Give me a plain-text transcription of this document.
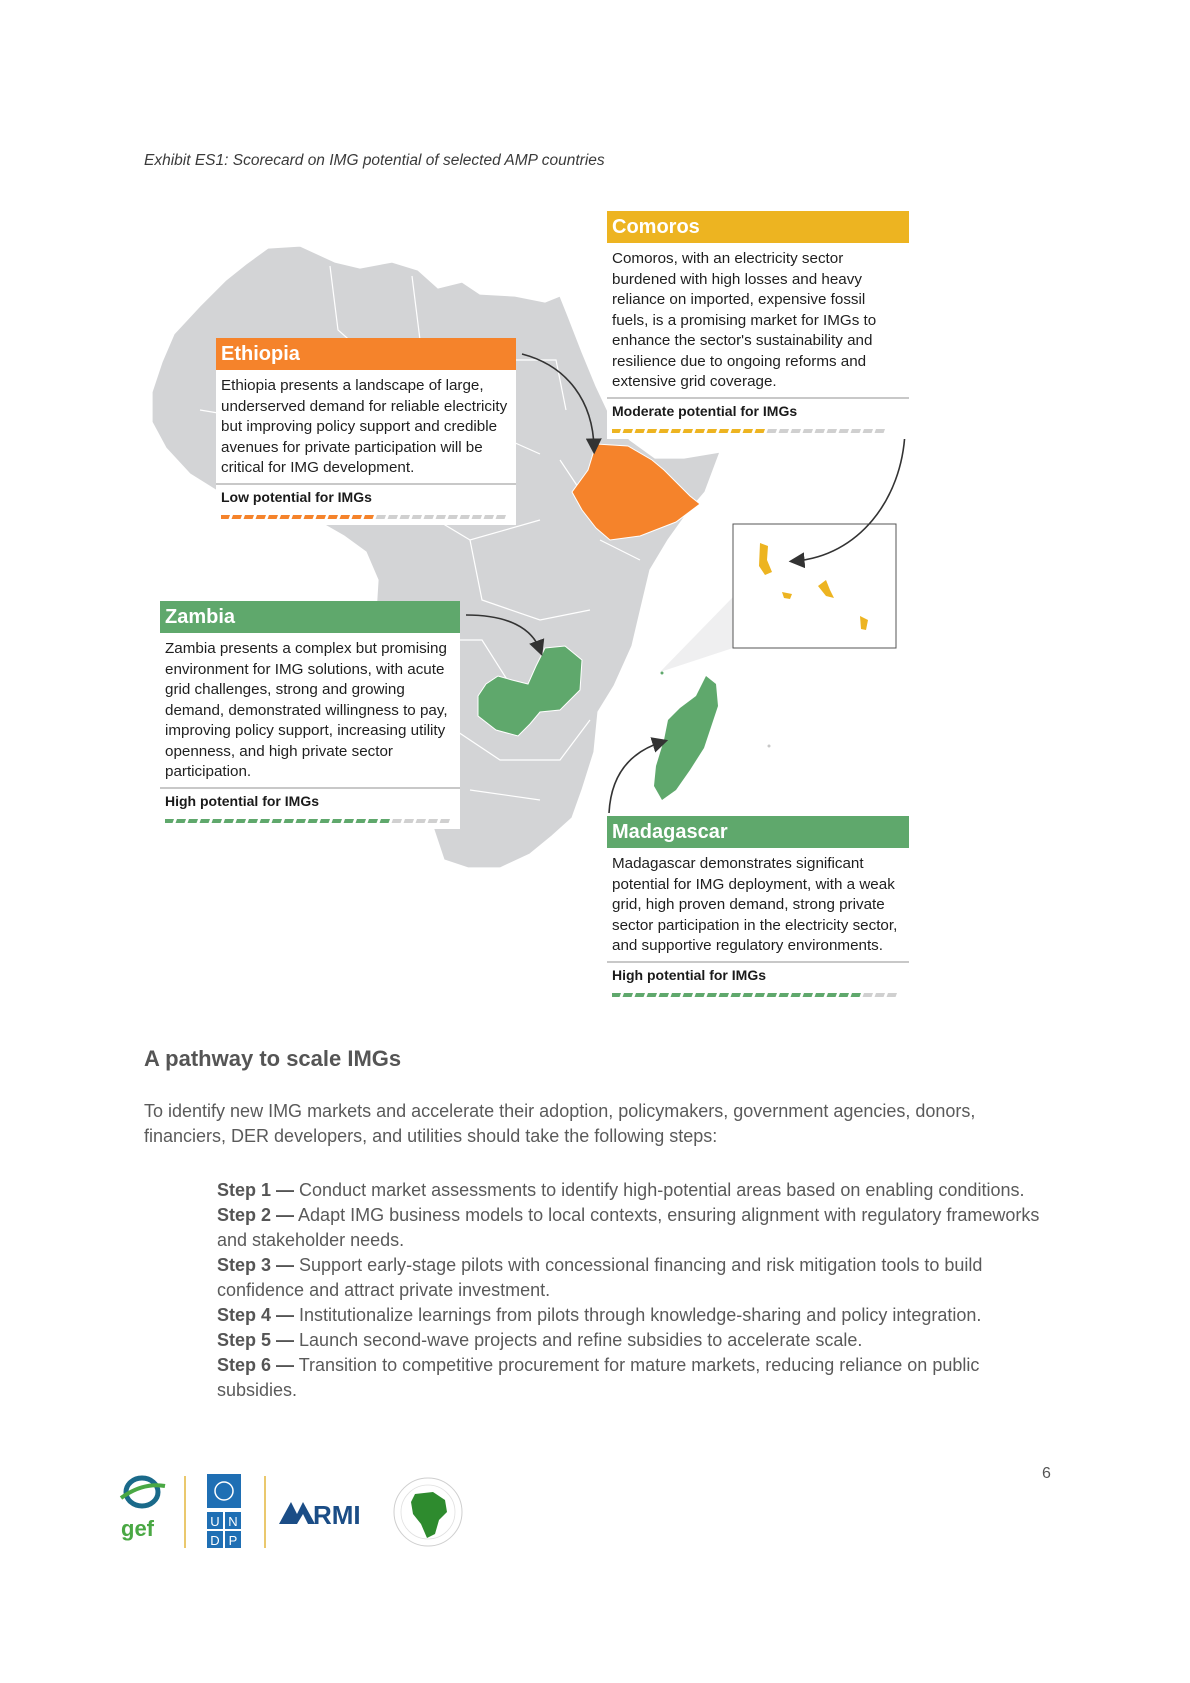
Exhibit ES1: Scorecard on IMG potential of selected AMP countries
Comoros
Comoros, with an electricity sector burdened with high losses and heavy reliance on imported, expensive fossil fuels, is a promising market for IMGs to enhance the sector's sustainability and resilience due to ongoing reforms and extensive grid coverage.
Moderate potential for IMGs
Ethiopia
Ethiopia presents a landscape of large, underserved demand for reliable electricity but improving policy support and credible avenues for private participation will be critical for IMG development.
Low potential for IMGs
Zambia
Zambia presents a complex but promising environment for IMG solutions, with acute grid challenges, strong and growing demand, demonstrated willingness to pay, improving policy support, increasing utility openness, and high private sector participation.
High potential for IMGs
Madagascar
Madagascar demonstrates significant potential for IMG deployment, with a weak grid, high proven demand, strong private sector participation in the electricity sector, and supportive regulatory environments.
High potential for IMGs
A pathway to scale IMGs
To identify new IMG markets and accelerate their adoption, policymakers, government agencies, donors, financiers, DER developers, and utilities should take the following steps:

Step 1 — Conduct market assessments to identify high-potential areas based on enabling conditions.

Step 2 — Adapt IMG business models to local contexts, ensuring alignment with regulatory frameworks and stakeholder needs.

Step 3 — Support early-stage pilots with concessional financing and risk mitigation tools to build confidence and attract private investment.

Step 4 — Institutionalize learnings from pilots through knowledge-sharing and policy integration.

Step 5 — Launch second-wave projects and refine subsidies to accelerate scale.

Step 6 — Transition to competitive procurement for mature markets, reducing reliance on public subsidies.

6
gef	U N
D P
RMI
